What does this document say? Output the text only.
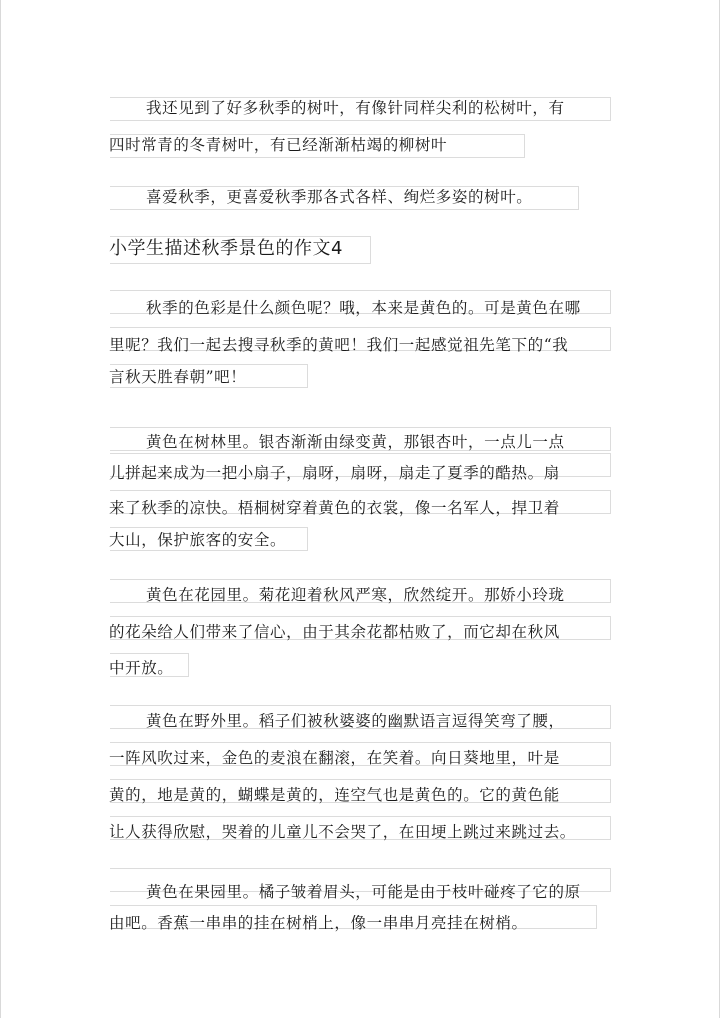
我还见到了好多秋季的树叶，有像针同样尖利的松树叶，有
四时常青的冬青树叶，有已经渐渐枯竭的柳树叶
喜爱秋季，更喜爱秋季那各式各样、绚烂多姿的树叶。
小学生描述秋季景色的作文4
秋季的色彩是什么颜色呢？哦，本来是黄色的。可是黄色在哪
里呢？我们一起去搜寻秋季的黄吧！我们一起感觉祖先笔下的“我
言秋天胜春朝”吧！
黄色在树林里。银杏渐渐由绿变黄，那银杏叶，一点儿一点
儿拼起来成为一把小扇子，扇呀，扇呀，扇走了夏季的酷热。扇
来了秋季的凉快。梧桐树穿着黄色的衣裳，像一名军人，捍卫着
大山，保护旅客的安全。
黄色在花园里。菊花迎着秋风严寒，欣然绽开。那娇小玲珑
的花朵给人们带来了信心，由于其余花都枯败了，而它却在秋风
中开放。
黄色在野外里。稻子们被秋婆婆的幽默语言逗得笑弯了腰，
一阵风吹过来，金色的麦浪在翻滚，在笑着。向日葵地里，叶是
黄的，地是黄的，蝴蝶是黄的，连空气也是黄色的。它的黄色能
让人获得欣慰，哭着的儿童儿不会哭了，在田埂上跳过来跳过去。
黄色在果园里。橘子皱着眉头，可能是由于枝叶碰疼了它的原
由吧。香蕉一串串的挂在树梢上，像一串串月亮挂在树梢。
